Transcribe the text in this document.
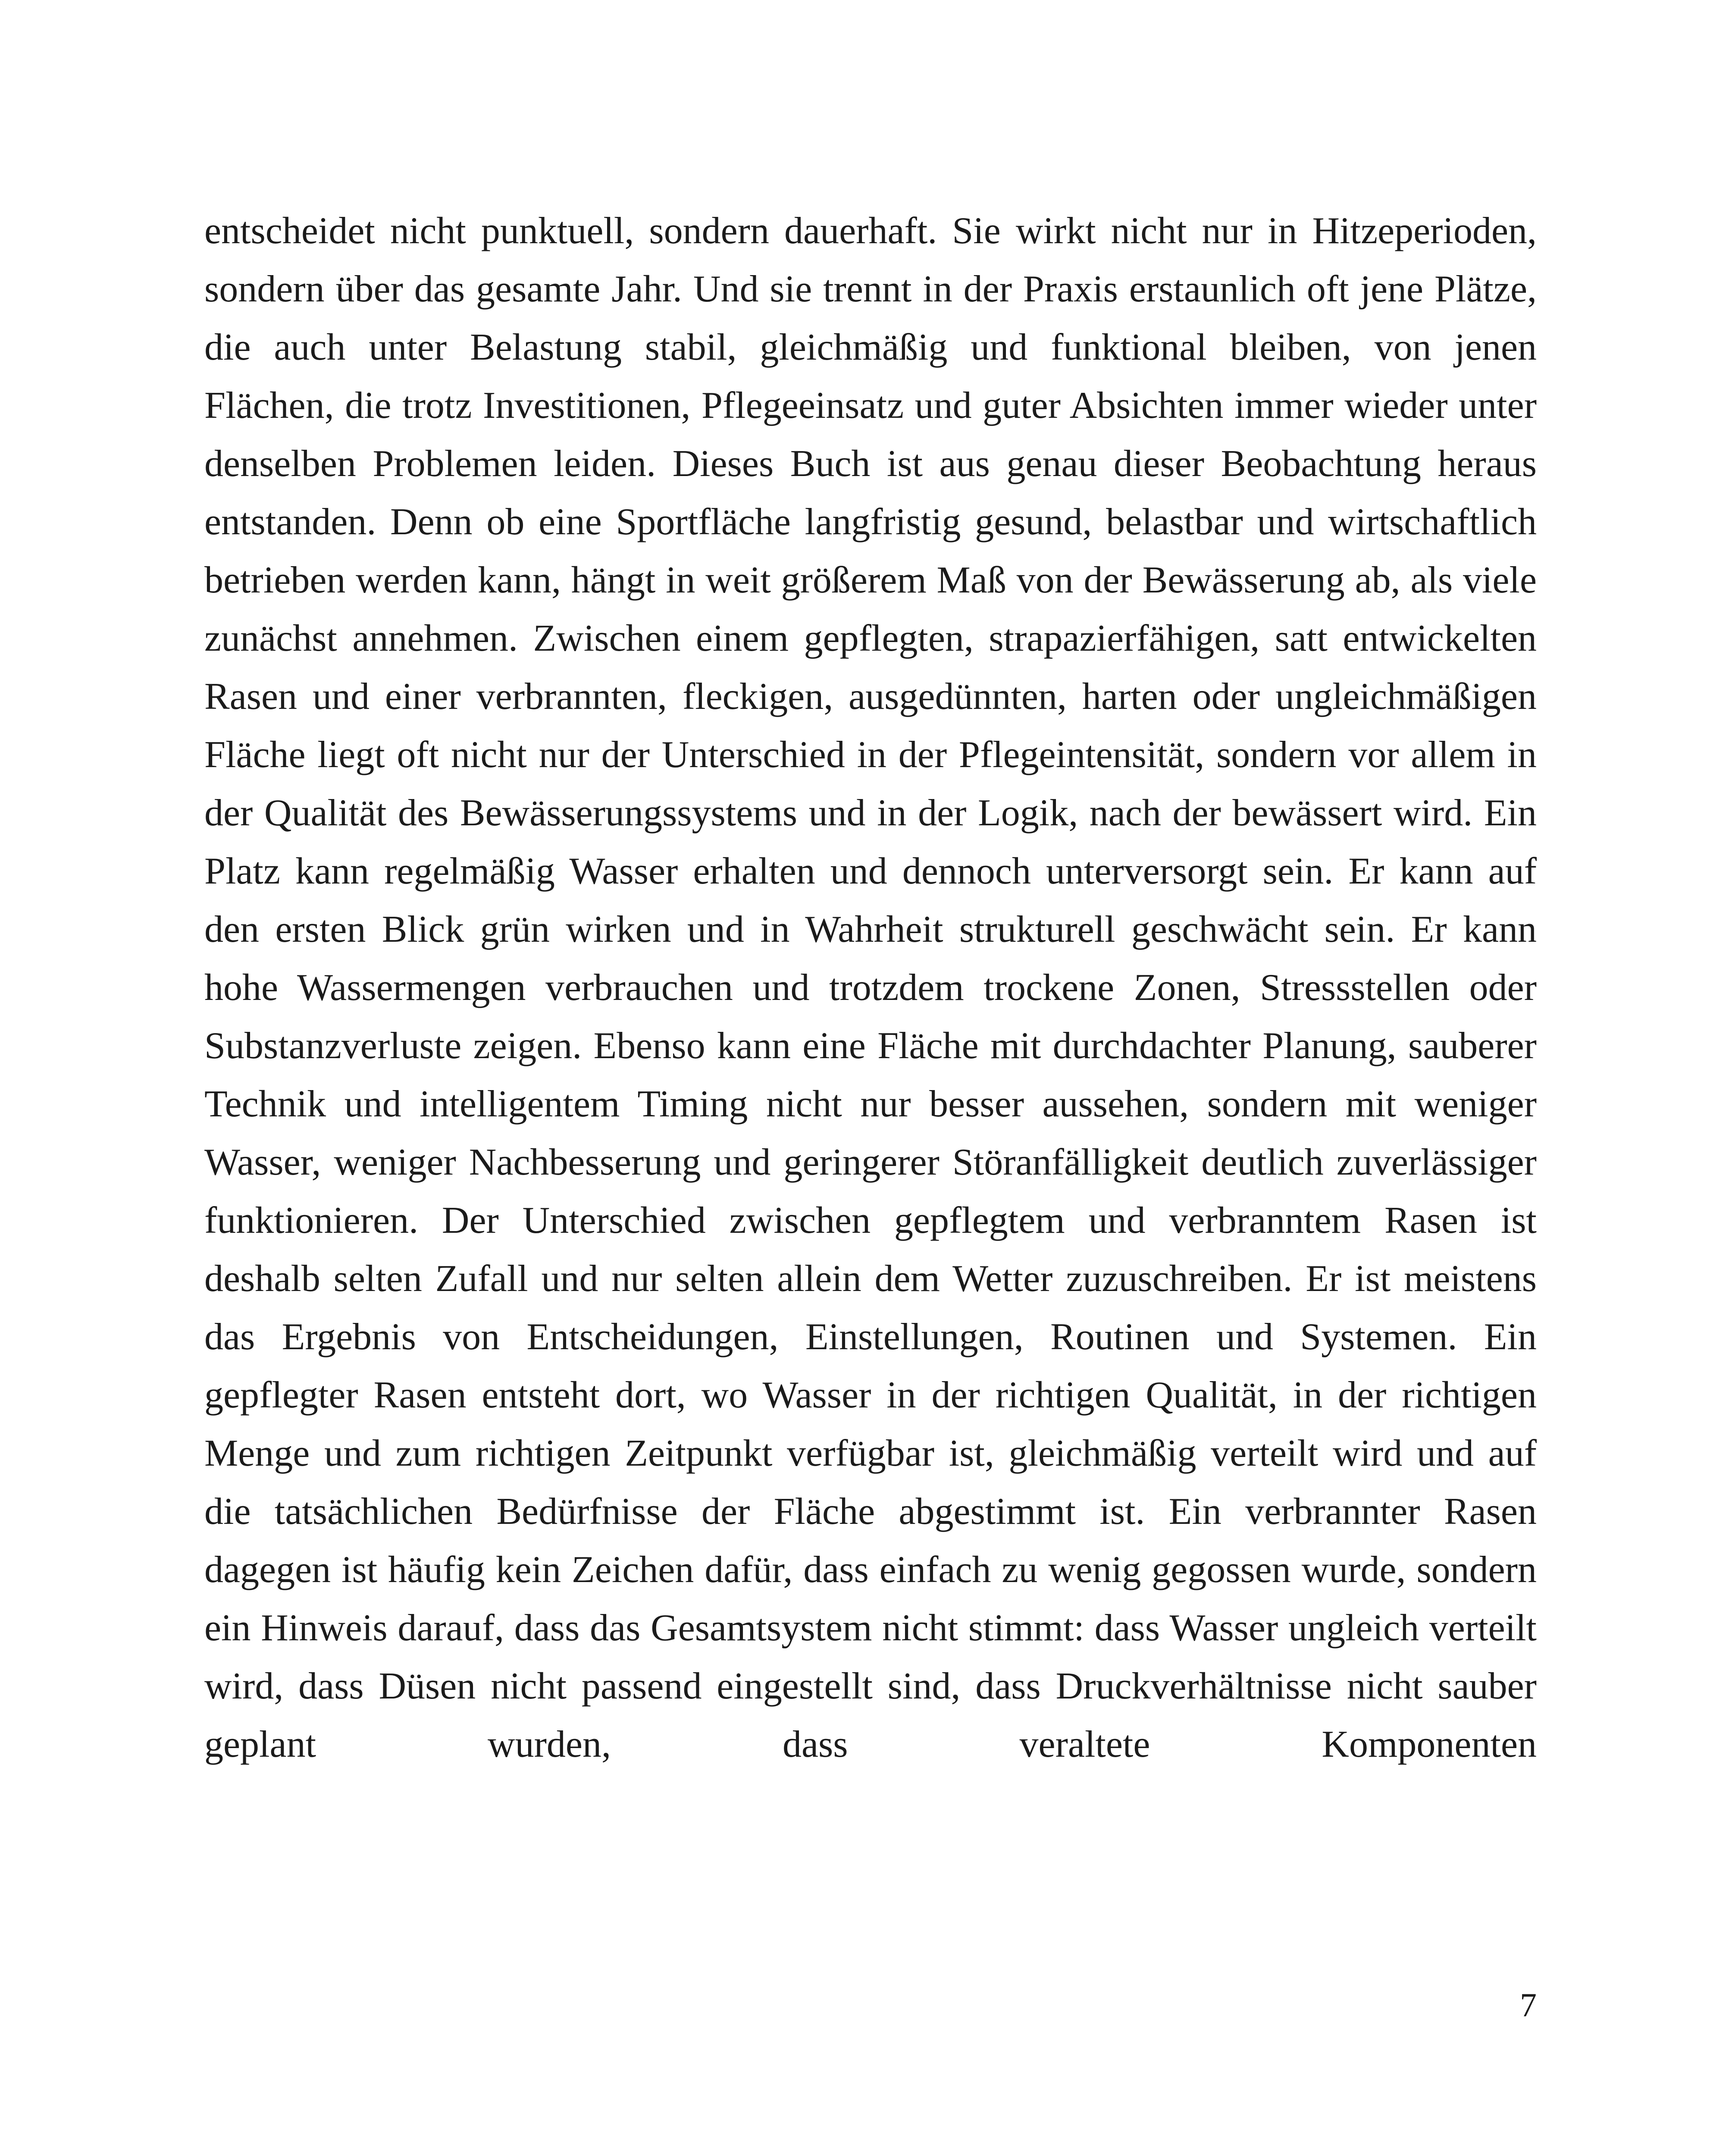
entscheidet nicht punktuell, sondern dauerhaft. Sie wirkt nicht nur in Hitzeperioden, sondern über das gesamte Jahr. Und sie trennt in der Praxis erstaunlich oft jene Plätze, die auch unter Belastung stabil, gleichmäßig und funktional bleiben, von jenen Flächen, die trotz Investitionen, Pflegeeinsatz und guter Absichten immer wieder unter denselben Problemen leiden. Dieses Buch ist aus genau dieser Beobachtung heraus entstanden. Denn ob eine Sportfläche langfristig gesund, belastbar und wirtschaftlich betrieben werden kann, hängt in weit größerem Maß von der Bewässerung ab, als viele zunächst annehmen. Zwischen einem gepflegten, strapazierfähigen, satt entwickelten Rasen und einer verbrannten, fleckigen, ausgedünnten, harten oder ungleichmäßigen Fläche liegt oft nicht nur der Unterschied in der Pflegeintensität, sondern vor allem in der Qualität des Bewässerungssystems und in der Logik, nach der bewässert wird. Ein Platz kann regelmäßig Wasser erhalten und dennoch unterversorgt sein. Er kann auf den ersten Blick grün wirken und in Wahrheit strukturell geschwächt sein. Er kann hohe Wassermengen verbrauchen und trotzdem trockene Zonen, Stressstellen oder Substanzverluste zeigen. Ebenso kann eine Fläche mit durchdachter Planung, sauberer Technik und intelligentem Timing nicht nur besser aussehen, sondern mit weniger Wasser, weniger Nachbesserung und geringerer Störanfälligkeit deutlich zuverlässiger funktionieren. Der Unterschied zwischen gepflegtem und verbranntem Rasen ist deshalb selten Zufall und nur selten allein dem Wetter zuzuschreiben. Er ist meistens das Ergebnis von Entscheidungen, Einstellungen, Routinen und Systemen. Ein gepflegter Rasen entsteht dort, wo Wasser in der richtigen Qualität, in der richtigen Menge und zum richtigen Zeitpunkt verfügbar ist, gleichmäßig verteilt wird und auf die tatsächlichen Bedürfnisse der Fläche abgestimmt ist. Ein verbrannter Rasen dagegen ist häufig kein Zeichen dafür, dass einfach zu wenig gegossen wurde, sondern ein Hinweis darauf, dass das Gesamtsystem nicht stimmt: dass Wasser ungleich verteilt wird, dass Düsen nicht passend eingestellt sind, dass Druckverhältnisse nicht sauber geplant wurden, dass veraltete Komponenten

7
